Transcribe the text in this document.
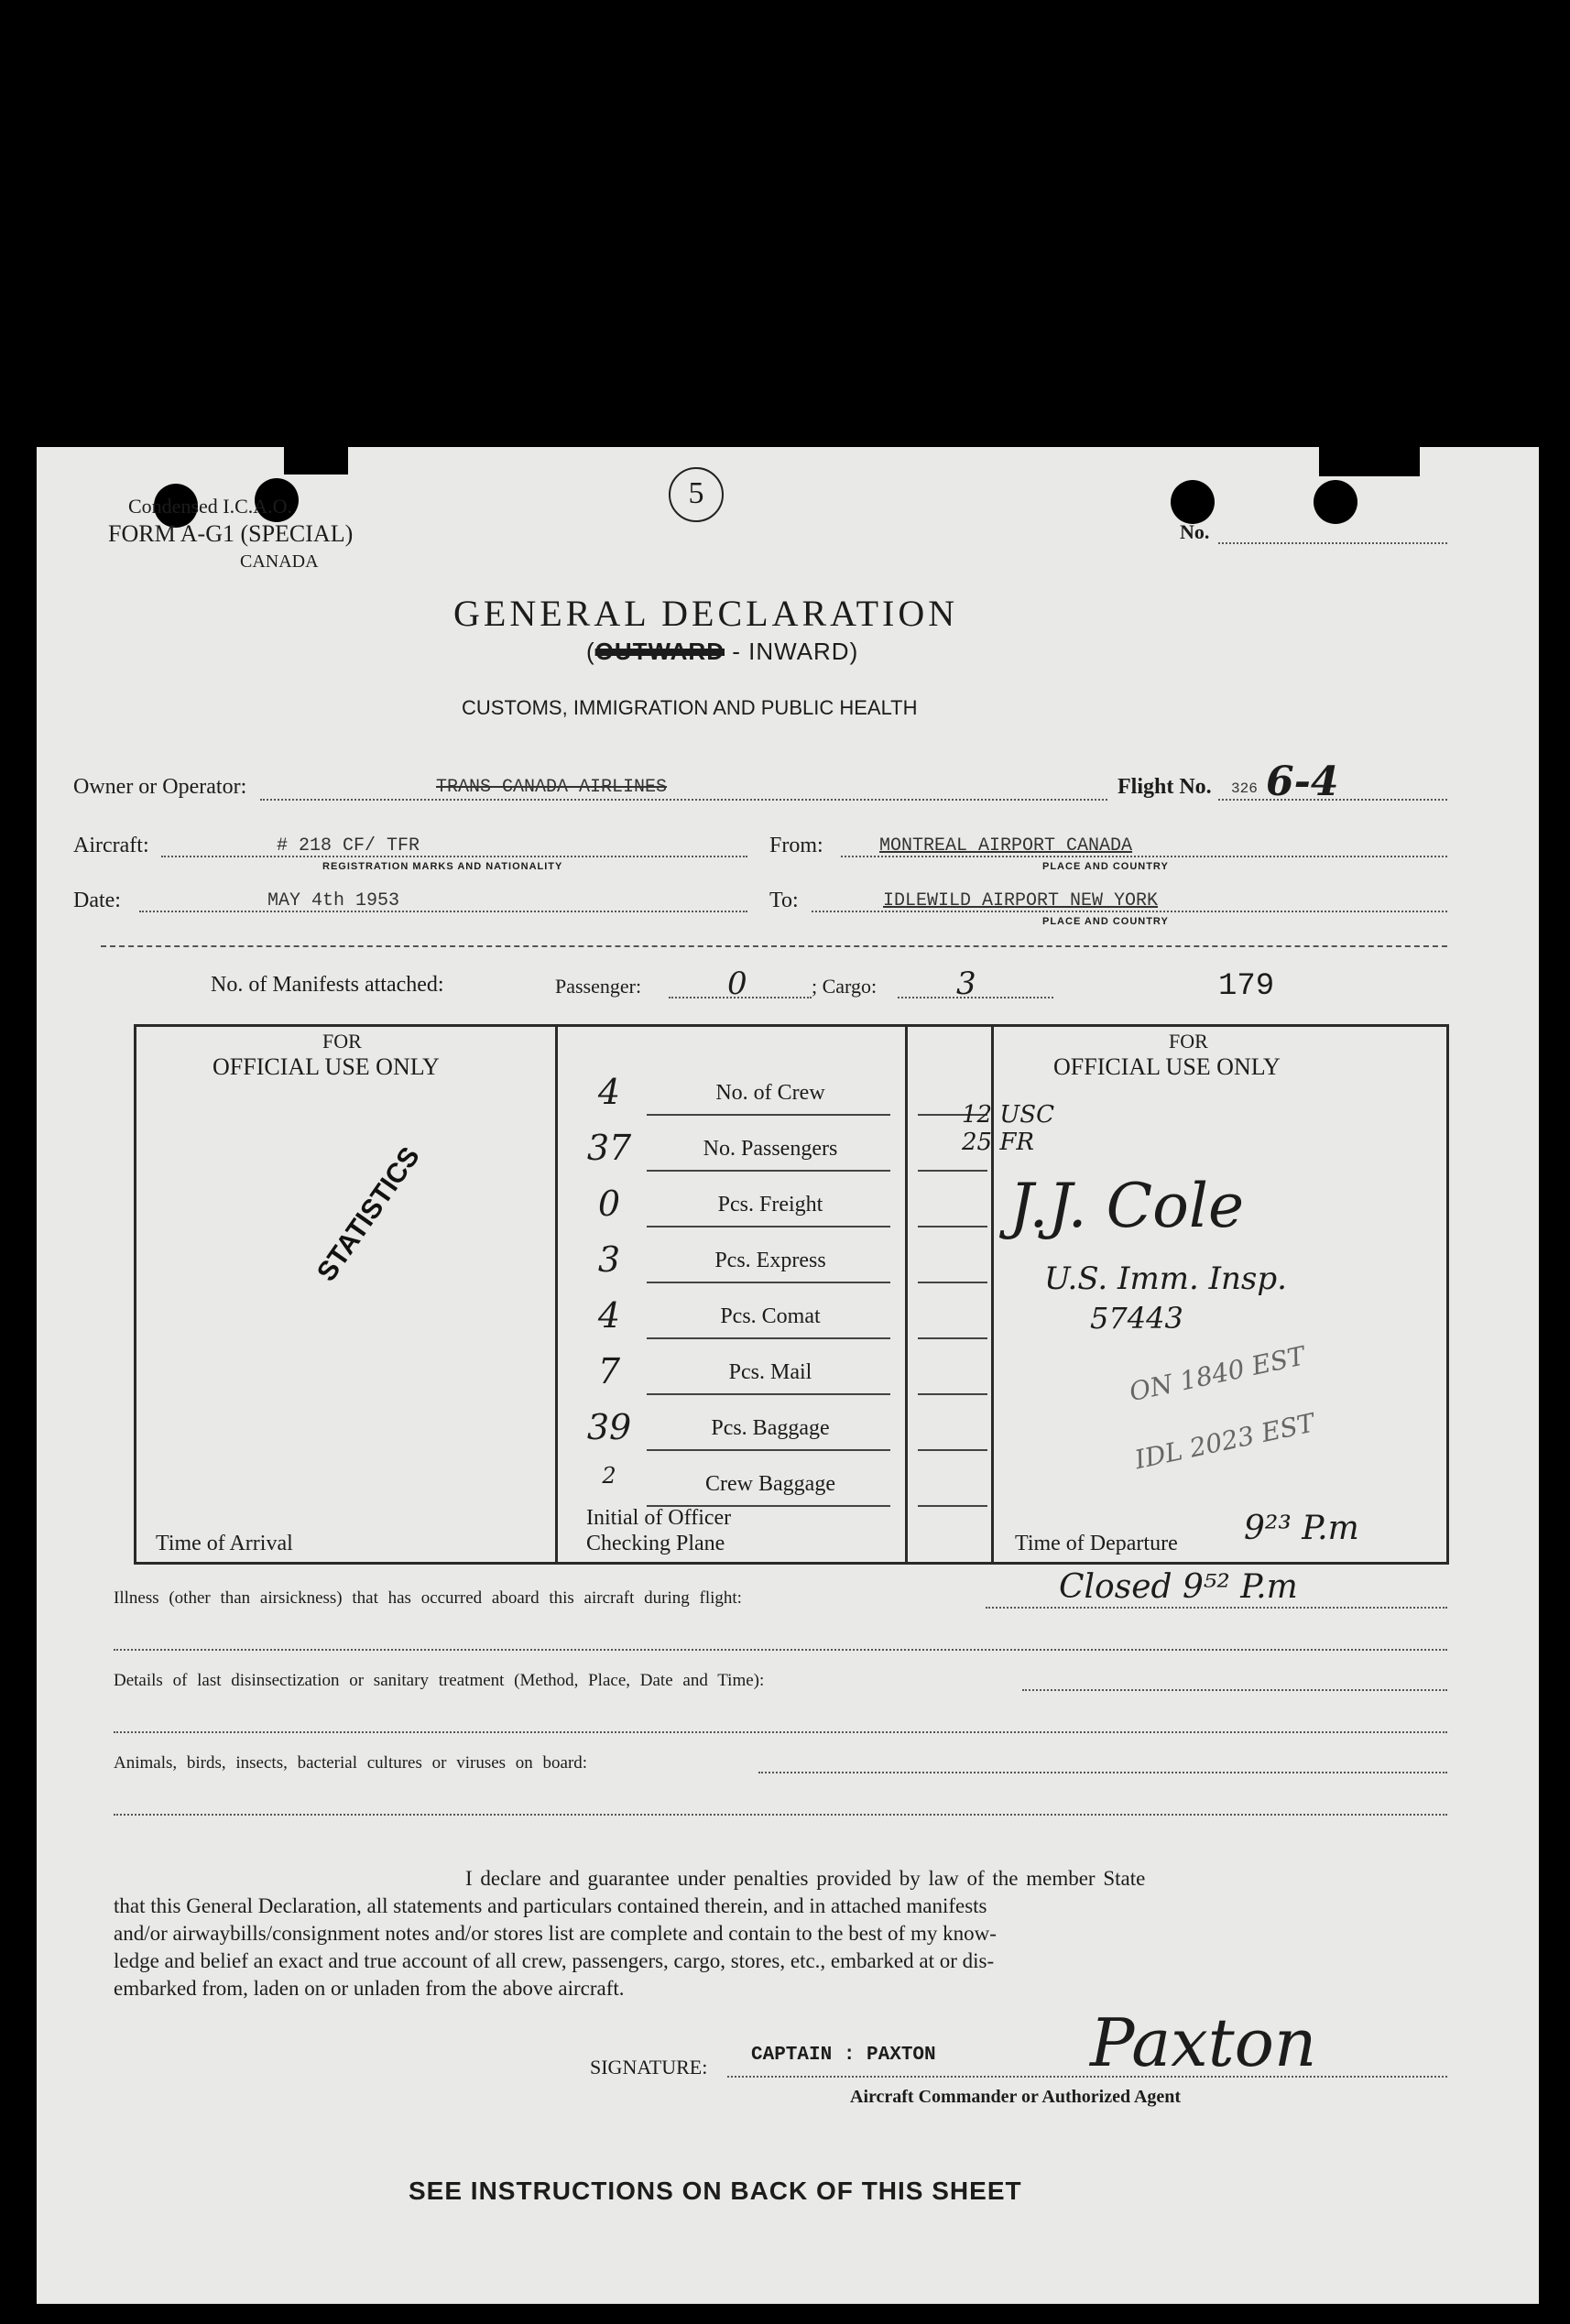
Condensed I.C.A.O.
FORM A-G1 (SPECIAL)
CANADA
5
No.
GENERAL DECLARATION
(OUTWARD - INWARD)
CUSTOMS, IMMIGRATION AND PUBLIC HEALTH
Owner or Operator:	TRANS CANADA AIRLINES	Flight No. 326 6-4
Aircraft:	# 218 CF/ TFR
REGISTRATION MARKS AND NATIONALITY
From:	MONTREAL AIRPORT CANADA
PLACE AND COUNTRY
Date:	MAY 4th 1953	To:	IDLEWILD AIRPORT NEW YORK
PLACE AND COUNTRY
No. of Manifests attached:	Passenger:	0	; Cargo:	3	179
FOR
OFFICIAL USE ONLY
FOR
OFFICIAL USE ONLY
4	No. of Crew
37	No. Passengers
0	Pcs. Freight
3	Pcs. Express
4	Pcs. Comat
7	Pcs. Mail
39	Pcs. Baggage
2	Crew Baggage
STATISTICS
Time of Arrival
Initial of Officer
Checking Plane	Time of Departure 9²³ P.m
12 USC
25 FR
J.J. Cole
U.S. Imm. Insp.
57443
ON 1840 EST
IDL 2023 EST
Illness (other than airsickness) that has occurred aboard this aircraft during flight:	Closed 9⁵² P.m
Details of last disinsectization or sanitary treatment (Method, Place, Date and Time):
Animals, birds, insects, bacterial cultures or viruses on board:
I declare and guarantee under penalties provided by law of the member State
that this General Declaration, all statements and particulars contained therein, and in attached manifests
and/or airwaybills/consignment notes and/or stores list are complete and contain to the best of my know-
ledge and belief an exact and true account of all crew, passengers, cargo, stores, etc., embarked at or dis-
embarked from, laden on or unladen from the above aircraft.
SIGNATURE:
CAPTAIN : PAXTON Paxton
Aircraft Commander or Authorized Agent
SEE INSTRUCTIONS ON BACK OF THIS SHEET
